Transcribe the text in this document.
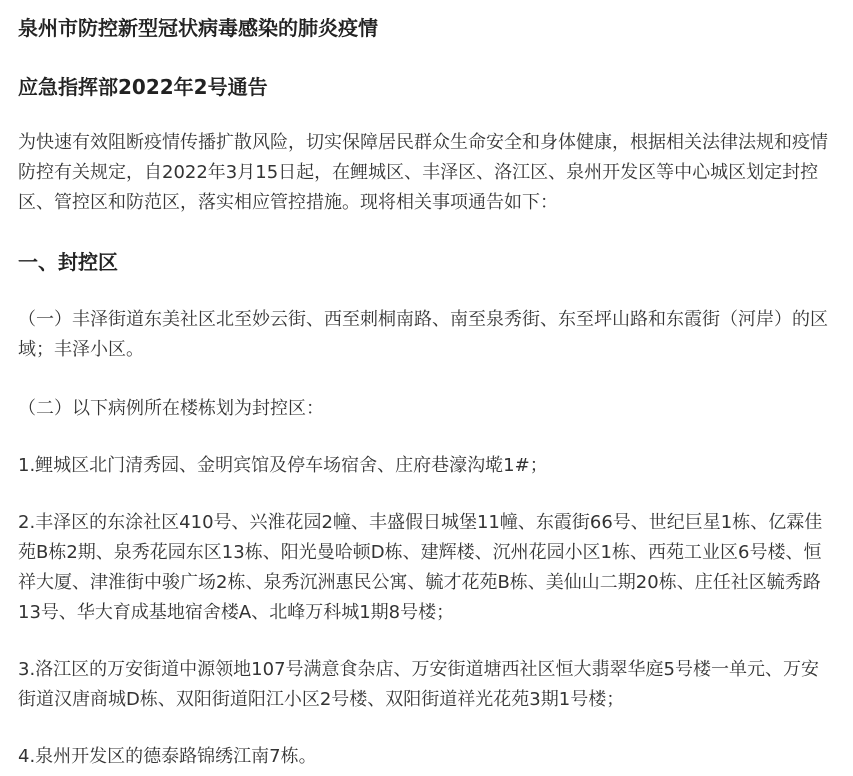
泉州市防控新型冠状病毒感染的肺炎疫情
应急指挥部2022年2号通告

为快速有效阻断疫情传播扩散风险，切实保障居民群众生命安全和身体健康，根据相关法律法规和疫情防控有关规定，自2022年3月15日起，在鲤城区、丰泽区、洛江区、泉州开发区等中心城区划定封控区、管控区和防范区，落实相应管控措施。现将相关事项通告如下：

一、封控区

（一）丰泽街道东美社区北至妙云街、西至刺桐南路、南至泉秀街、东至坪山路和东霞街（河岸）的区域；丰泽小区。

（二）以下病例所在楼栋划为封控区：

1.鲤城区北门清秀园、金明宾馆及停车场宿舍、庄府巷濠沟墘1#；

2.丰泽区的东涂社区410号、兴淮花园2幢、丰盛假日城堡11幢、东霞街66号、世纪巨星1栋、亿霖佳苑B栋2期、泉秀花园东区13栋、阳光曼哈顿D栋、建辉楼、沉州花园小区1栋、西苑工业区6号楼、恒祥大厦、津淮街中骏广场2栋、泉秀沉洲惠民公寓、毓才花苑B栋、美仙山二期20栋、庄任社区毓秀路13号、华大育成基地宿舍楼A、北峰万科城1期8号楼；

3.洛江区的万安街道中源领地107号满意食杂店、万安街道塘西社区恒大翡翠华庭5号楼一单元、万安街道汉唐商城D栋、双阳街道阳江小区2号楼、双阳街道祥光花苑3期1号楼；

4.泉州开发区的德泰路锦绣江南7栋。
